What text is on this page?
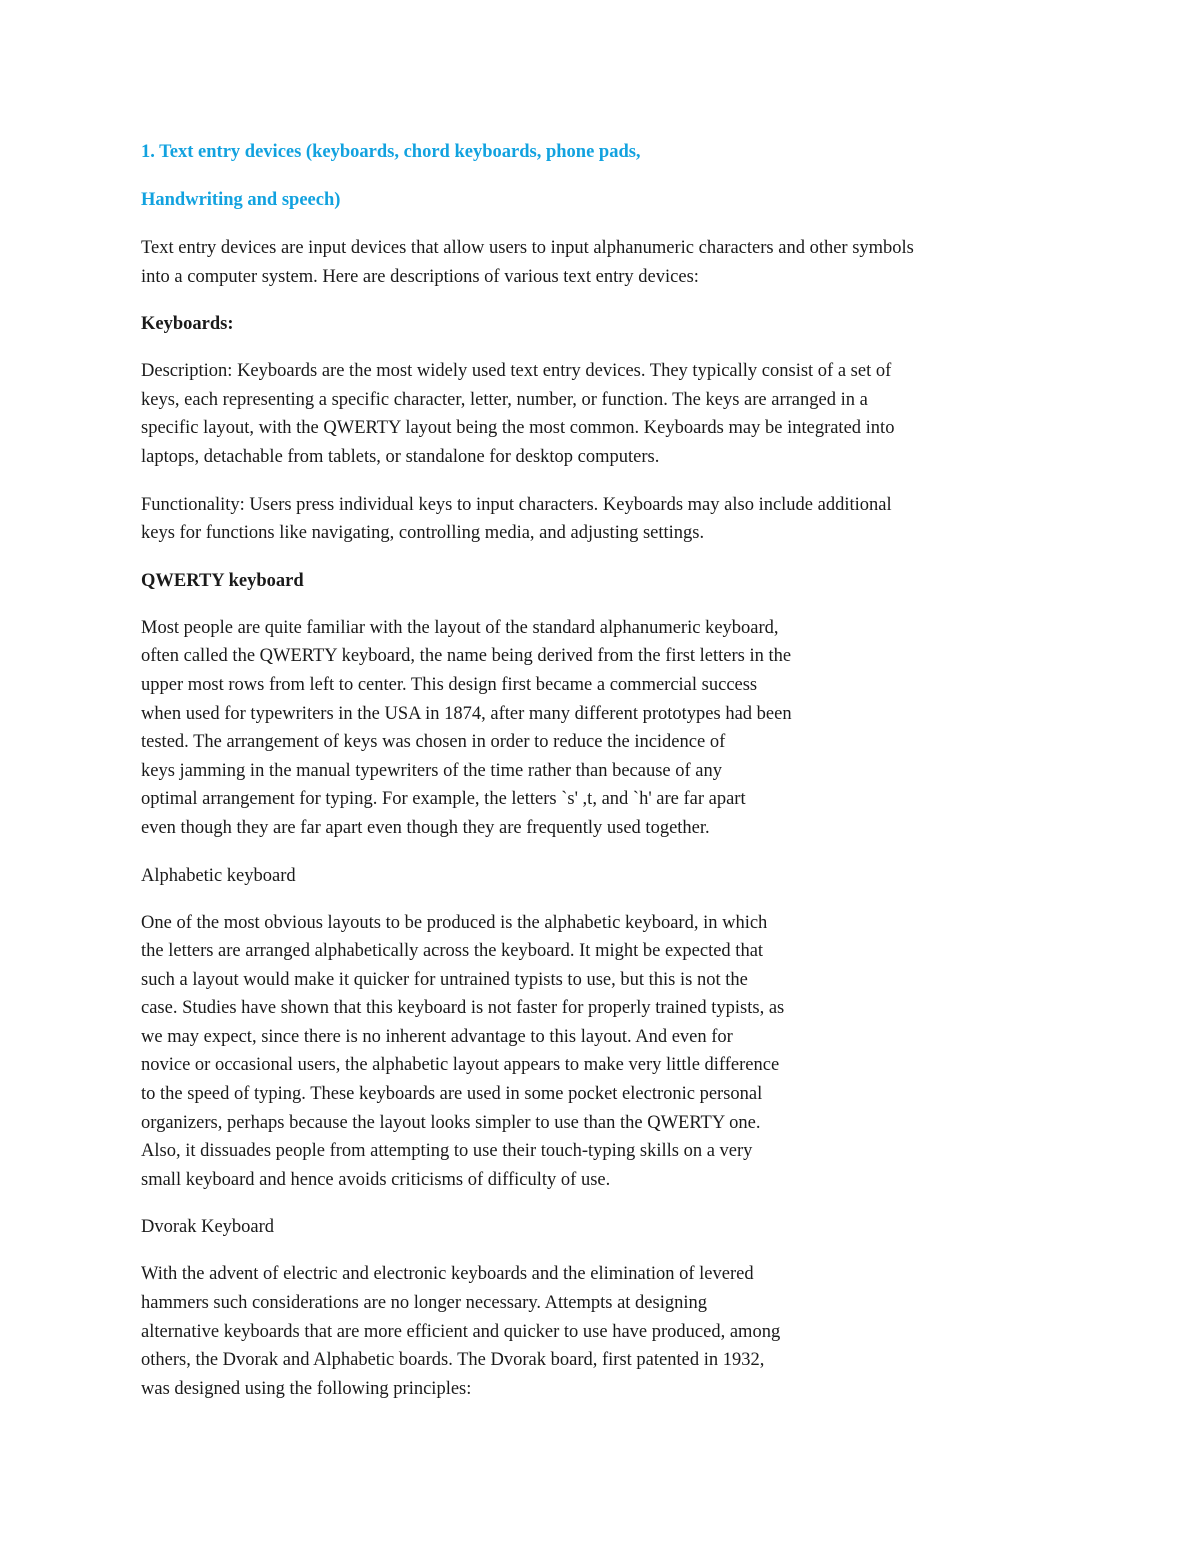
1. Text entry devices (keyboards, chord keyboards, phone pads,

Handwriting and speech)

Text entry devices are input devices that allow users to input alphanumeric characters and other symbols
into a computer system. Here are descriptions of various text entry devices:

Keyboards:

Description: Keyboards are the most widely used text entry devices. They typically consist of a set of
keys, each representing a specific character, letter, number, or function. The keys are arranged in a
specific layout, with the QWERTY layout being the most common. Keyboards may be integrated into
laptops, detachable from tablets, or standalone for desktop computers.

Functionality: Users press individual keys to input characters. Keyboards may also include additional
keys for functions like navigating, controlling media, and adjusting settings.

QWERTY keyboard

Most people are quite familiar with the layout of the standard alphanumeric keyboard,
often called the QWERTY keyboard, the name being derived from the first letters in the
upper most rows from left to center. This design first became a commercial success
when used for typewriters in the USA in 1874, after many different prototypes had been
tested. The arrangement of keys was chosen in order to reduce the incidence of
keys jamming in the manual typewriters of the time rather than because of any
optimal arrangement for typing. For example, the letters `s' ,t, and `h' are far apart
even though they are far apart even though they are frequently used together.

Alphabetic keyboard

One of the most obvious layouts to be produced is the alphabetic keyboard, in which
the letters are arranged alphabetically across the keyboard. It might be expected that
such a layout would make it quicker for untrained typists to use, but this is not the
case. Studies have shown that this keyboard is not faster for properly trained typists, as
we may expect, since there is no inherent advantage to this layout. And even for
novice or occasional users, the alphabetic layout appears to make very little difference
to the speed of typing. These keyboards are used in some pocket electronic personal
organizers, perhaps because the layout looks simpler to use than the QWERTY one.
Also, it dissuades people from attempting to use their touch-typing skills on a very
small keyboard and hence avoids criticisms of difficulty of use.

Dvorak Keyboard

With the advent of electric and electronic keyboards and the elimination of levered
hammers such considerations are no longer necessary. Attempts at designing
alternative keyboards that are more efficient and quicker to use have produced, among
others, the Dvorak and Alphabetic boards. The Dvorak board, first patented in 1932,
was designed using the following principles:
